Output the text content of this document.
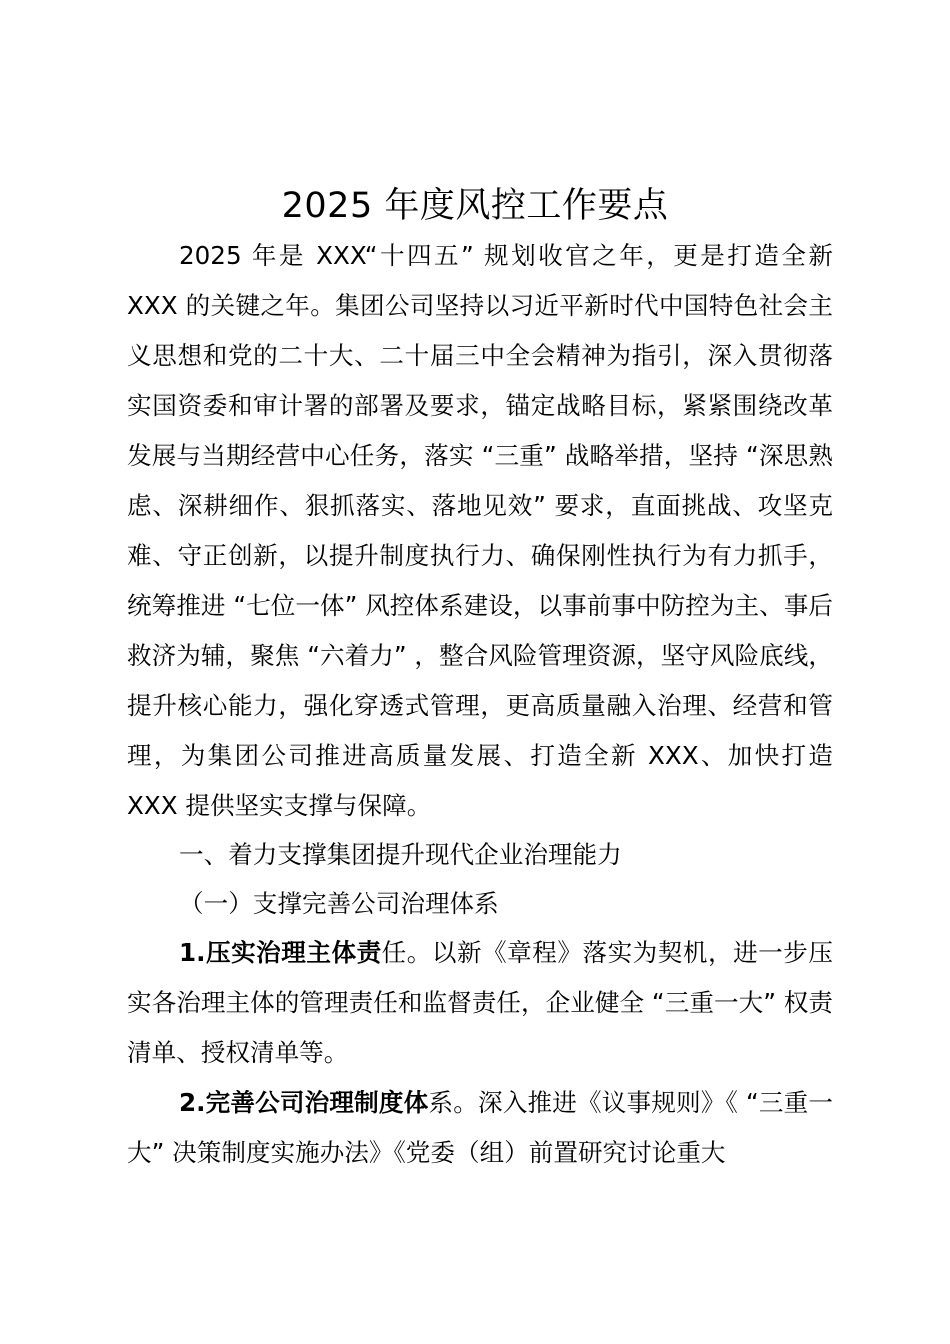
2025 年度风控工作要点

2025 年是 XXX“十四五” 规划收官之年，更是打造全新 XXX 的关键之年。集团公司坚持以习近平新时代中国特色社会主义思想和党的二十大、二十届三中全会精神为指引，深入贯彻落实国资委和审计署的部署及要求，锚定战略目标，紧紧围绕改革发展与当期经营中心任务，落实 “三重” 战略举措，坚持 “深思熟虑、深耕细作、狠抓落实、落地见效” 要求，直面挑战、攻坚克难、守正创新，以提升制度执行力、确保刚性执行为有力抓手，统筹推进 “七位一体” 风控体系建设，以事前事中防控为主、事后救济为辅，聚焦 “六着力” ，整合风险管理资源，坚守风险底线，提升核心能力，强化穿透式管理，更高质量融入治理、经营和管理，为集团公司推进高质量发展、打造全新 XXX、加快打造 XXX 提供坚实支撑与保障。

一、着力支撑集团提升现代企业治理能力
（一）支撑完善公司治理体系

1.压实治理主体责任。以新《章程》落实为契机，进一步压实各治理主体的管理责任和监督责任，企业健全 “三重一大” 权责清单、授权清单等。

2.完善公司治理制度体系。深入推进《议事规则》《 “三重一大” 决策制度实施办法》《党委（组）前置研究讨论重大
